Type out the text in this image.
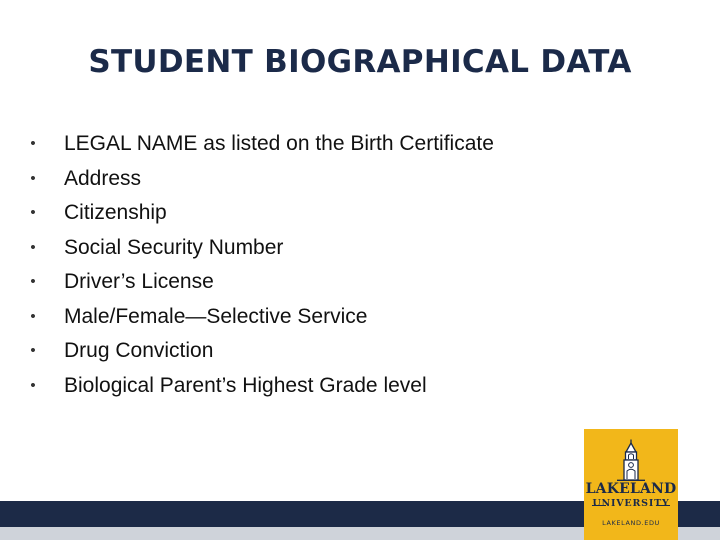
STUDENT BIOGRAPHICAL DATA
• LEGAL NAME as listed on the Birth Certificate
• Address
• Citizenship
• Social Security Number
• Driver’s License
• Male/Female—Selective Service
• Drug Conviction
• Biological Parent’s Highest Grade level
LAKELAND
UNIVERSITY
LAKELAND.EDU
